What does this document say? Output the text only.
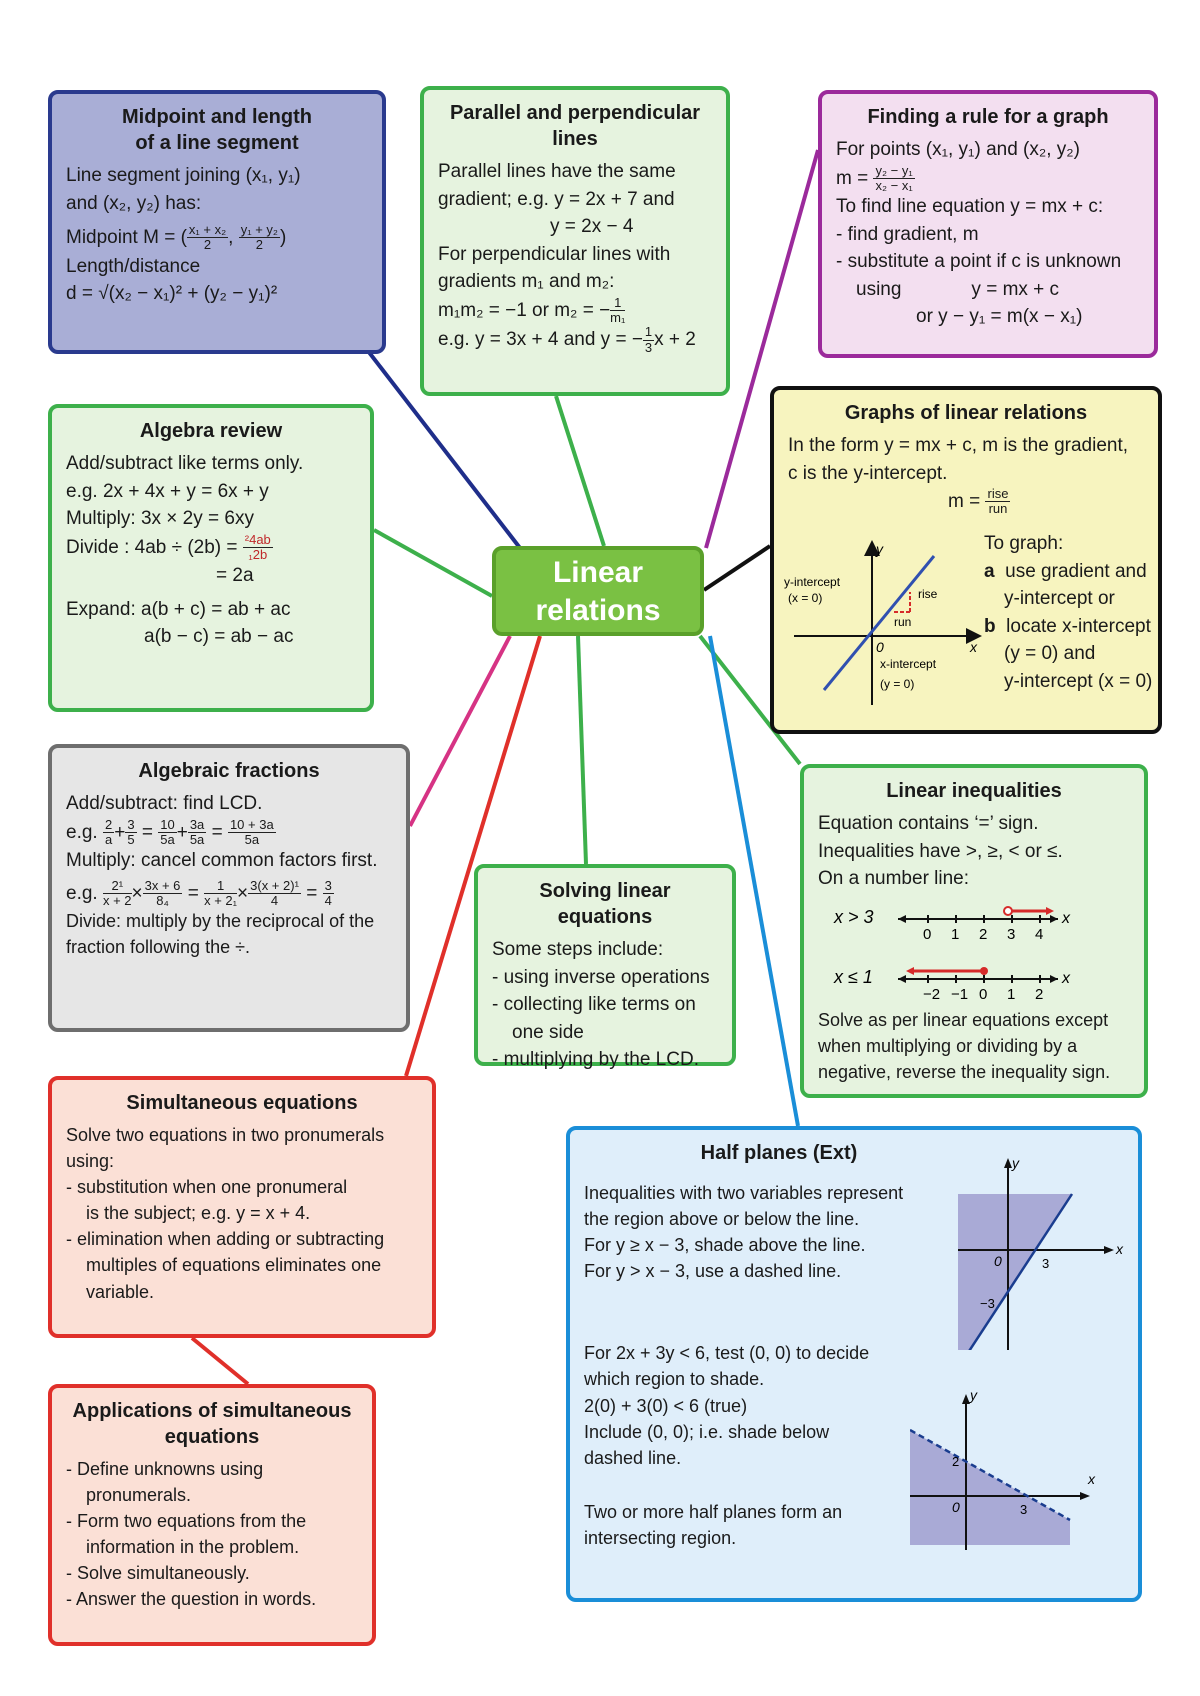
Midpoint and length
of a line segment

Line segment joining (x₁, y₁)

and (x₂, y₂) has:

Midpoint M = ( $\frac{\text{x₁ + x₂}}{2}$ , $\frac{\text{y₁ + y₂}}{2}$ )

Length/distance

d = √(x₂ − x₁)² + (y₂ − y₁)²

Parallel and perpendicular
lines

Parallel lines have the same

gradient; e.g. y = 2x + 7 and

y = 2x − 4

For perpendicular lines with

gradients m₁ and m₂:

m₁m₂ = −1 or m₂ = − $\frac{1}{\text{m₁}}$

e.g. y = 3x + 4 and y = − $\frac{1}{3}$ x + 2

Finding a rule for a graph

For points (x₁, y₁) and (x₂, y₂)

$m = \frac{\text{y₂ − y₁}}{\text{x₂ − x₁}}$

To find line equation y = mx + c:

- find gradient, m

- substitute a point if c is unknown

using	y = mx + c

or y − y₁ = m(x − x₁)

Graphs of linear relations

In the form y = mx + c, m is the gradient,

c is the y-intercept.

$m = \frac{\text{rise}}{\text{run}}$

y
x
0
y-intercept
(x = 0)	rise
run
x-intercept
(y = 0)

To graph:

a use gradient and

y-intercept or

b locate x-intercept

(y = 0) and

y-intercept (x = 0)

Algebra review

Add/subtract like terms only.

e.g. 2x + 4x + y = 6x + y

Multiply: 3x × 2y = 6xy

Divide : $4ab \div (2b) = \frac{\text{²4ab}}{\text{₁2b}}$

= 2a

Expand: a(b + c) = ab + ac

a(b − c) = ab − ac

Algebraic fractions

Add/subtract: find LCD.

e.g. $\frac{2}{a} + \frac{3}{5} = \frac{10}{5a} + \frac{3a}{5a} = \frac{10 + 3a}{5a}$

Multiply: cancel common factors first.

e.g. $\frac{\text{2¹}}{x + 2} \times \frac{3x + 6}{\text{8₄}} = \frac{1}{\text{x + 2₁}} \times \frac{\text{3(x + 2)¹}}{4} = \frac{3}{4}$

Divide: multiply by the reciprocal of the

fraction following the ÷.

Solving linear equations

Some steps include:

- using inverse operations

- collecting like terms on

one side

- multiplying by the LCD.

Linear inequalities

Equation contains ‘=’ sign.

Inequalities have >, ≥, < or ≤.

On a number line:

x > 3	x
0 1 2 3 4
x ≤ 1	x
−2 −1 0 1 2

Solve as per linear equations except

when multiplying or dividing by a

negative, reverse the inequality sign.

Simultaneous equations

Solve two equations in two pronumerals

using:

- substitution when one pronumeral

is the subject; e.g. y = x + 4.

- elimination when adding or subtracting

multiples of equations eliminates one

variable.

Applications of simultaneous
equations

- Define unknowns using

pronumerals.

- Form two equations from the

information in the problem.

- Solve simultaneously.

- Answer the question in words.

Half planes (Ext)

Inequalities with two variables represent

the region above or below the line.

For y ≥ x − 3, shade above the line.

For y > x − 3, use a dashed line.

For 2x + 3y < 6, test (0, 0) to decide

which region to shade.

2(0) + 3(0) < 6 (true)

Include (0, 0); i.e. shade below

dashed line.

Two or more half planes form an

intersecting region.

y
x
0	3
−3
y
x
0
2
3
Linear
relations
